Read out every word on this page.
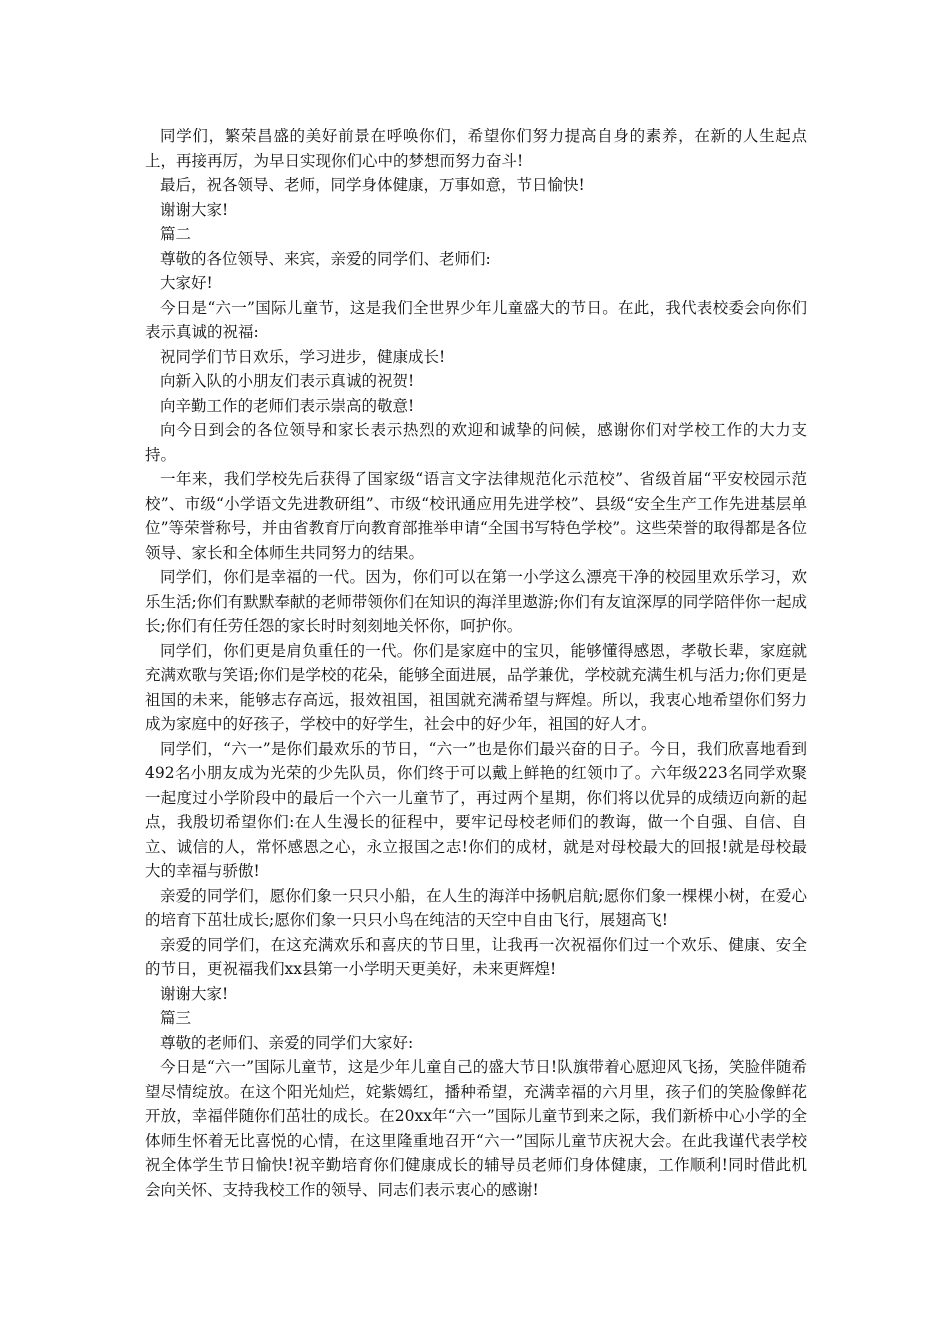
同学们，繁荣昌盛的美好前景在呼唤你们，希望你们努力提高自身的素养，在新的人生起点上，再接再厉，为早日实现你们心中的梦想而努力奋斗!

最后，祝各领导、老师，同学身体健康，万事如意，节日愉快!

谢谢大家!

篇二

尊敬的各位领导、来宾，亲爱的同学们、老师们:

大家好!

今日是“六一”国际儿童节，这是我们全世界少年儿童盛大的节日。在此，我代表校委会向你们表示真诚的祝福:

祝同学们节日欢乐，学习进步，健康成长!

向新入队的小朋友们表示真诚的祝贺!

向辛勤工作的老师们表示崇高的敬意!

向今日到会的各位领导和家长表示热烈的欢迎和诚挚的问候，感谢你们对学校工作的大力支持。

一年来，我们学校先后获得了国家级“语言文字法律规范化示范校”、省级首届“平安校园示范校”、市级“小学语文先进教研组”、市级“校讯通应用先进学校”、县级“安全生产工作先进基层单位”等荣誉称号，并由省教育厅向教育部推举申请“全国书写特色学校”。这些荣誉的取得都是各位领导、家长和全体师生共同努力的结果。

同学们，你们是幸福的一代。因为，你们可以在第一小学这么漂亮干净的校园里欢乐学习，欢乐生活;你们有默默奉献的老师带领你们在知识的海洋里遨游;你们有友谊深厚的同学陪伴你一起成长;你们有任劳任怨的家长时时刻刻地关怀你，呵护你。

同学们，你们更是肩负重任的一代。你们是家庭中的宝贝，能够懂得感恩，孝敬长辈，家庭就充满欢歌与笑语;你们是学校的花朵，能够全面进展，品学兼优，学校就充满生机与活力;你们更是祖国的未来，能够志存高远，报效祖国，祖国就充满希望与辉煌。所以，我衷心地希望你们努力成为家庭中的好孩子，学校中的好学生，社会中的好少年，祖国的好人才。

同学们，“六一”是你们最欢乐的节日，“六一”也是你们最兴奋的日子。今日，我们欣喜地看到492名小朋友成为光荣的少先队员，你们终于可以戴上鲜艳的红领巾了。六年级223名同学欢聚一起度过小学阶段中的最后一个六一儿童节了，再过两个星期，你们将以优异的成绩迈向新的起点，我殷切希望你们:在人生漫长的征程中，要牢记母校老师们的教诲，做一个自强、自信、自立、诚信的人，常怀感恩之心，永立报国之志!你们的成材，就是对母校最大的回报!就是母校最大的幸福与骄傲!

亲爱的同学们，愿你们象一只只小船，在人生的海洋中扬帆启航;愿你们象一棵棵小树，在爱心的培育下茁壮成长;愿你们象一只只小鸟在纯洁的天空中自由飞行，展翅高飞!

亲爱的同学们，在这充满欢乐和喜庆的节日里，让我再一次祝福你们过一个欢乐、健康、安全的节日，更祝福我们xx县第一小学明天更美好，未来更辉煌!

谢谢大家!

篇三

尊敬的老师们、亲爱的同学们大家好:

今日是“六一”国际儿童节，这是少年儿童自己的盛大节日!队旗带着心愿迎风飞扬，笑脸伴随希望尽情绽放。在这个阳光灿烂，姹紫嫣红，播种希望，充满幸福的六月里，孩子们的笑脸像鲜花开放，幸福伴随你们茁壮的成长。在20xx年“六一”国际儿童节到来之际，我们新桥中心小学的全体师生怀着无比喜悦的心情，在这里隆重地召开“六一”国际儿童节庆祝大会。在此我谨代表学校祝全体学生节日愉快!祝辛勤培育你们健康成长的辅导员老师们身体健康，工作顺利!同时借此机会向关怀、支持我校工作的领导、同志们表示衷心的感谢!
